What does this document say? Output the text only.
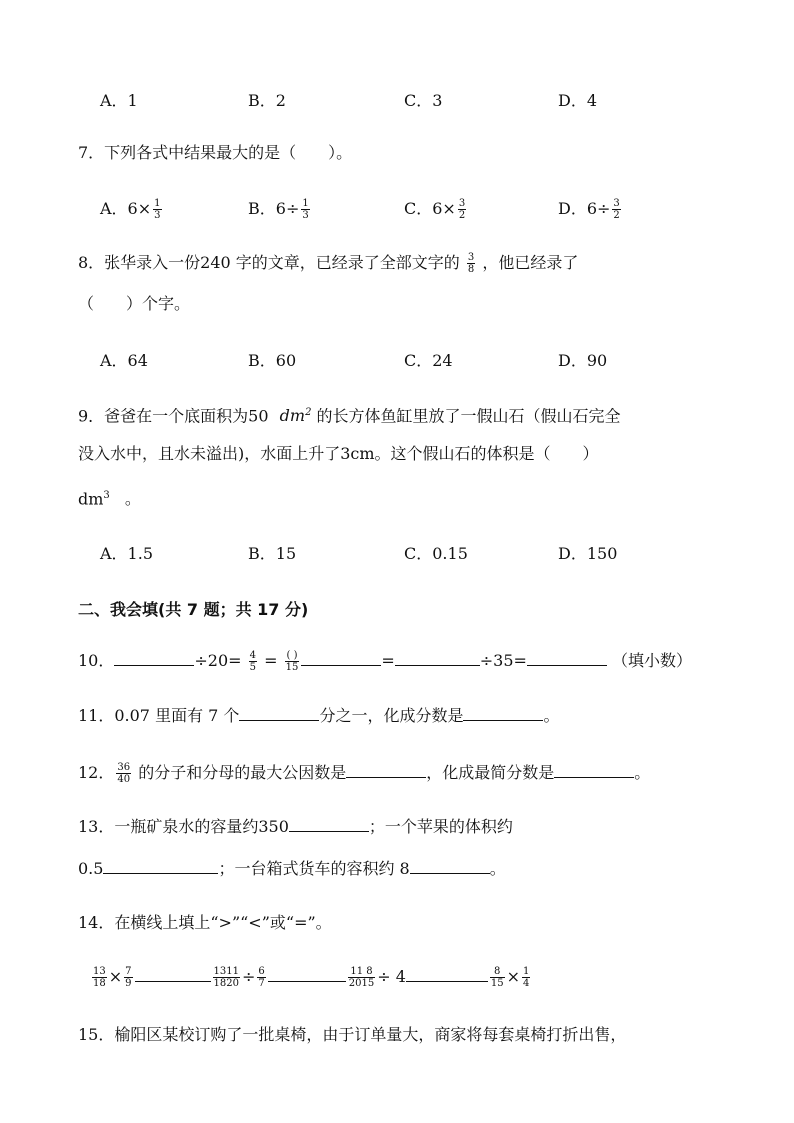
A．1	B．2	C．3	D．4
7．下列各式中结果最大的是（　　）。
A．$6\times \frac{1}{3}$	B．$6\div \frac{1}{3}$	C．$6\times \frac{3}{2}$	D．$6\div \frac{3}{2}$
8．张华录入一份240 字的文章，已经录了全部文字的 $\frac{3}{8}$ ，他已经录了
（　　）个字。
A．64	B．60	C．24	D．90
9．爸爸在一个底面积为50 $dm^2$ 的长方体鱼缸里放了一假山石（假山石完全
没入水中，且水未溢出)，水面上升了3cm。这个假山石的体积是（　　）
$dm^3$ 。
A．1.5	B．15	C．0.15	D．150
二、我会填(共 7 题；共 17 分)
10．	$\div 20= \frac{4}{5} = \frac{( )}{15}$	=	÷35=	（填小数）
11．0.07 里面有 7 个	分之一，化成分数是	。
12． $\frac{36}{40}$ 的分子和分母的最大公因数是	，化成最简分数是	。
13．一瓶矿泉水的容量约350	；一个苹果的体积约
0.5	；一台箱式货车的容积约 8	。
14．在横线上填上“>”“<”或“=”。
$\frac{13}{18} \times \frac{7}{9}$	$\frac{1311}{1820} \div \frac{6}{7}$	$\frac{11 8}{2015} \div 4$	$\frac{8}{15} \times \frac{1}{4}$
15．榆阳区某校订购了一批桌椅，由于订单量大，商家将每套桌椅打折出售，
